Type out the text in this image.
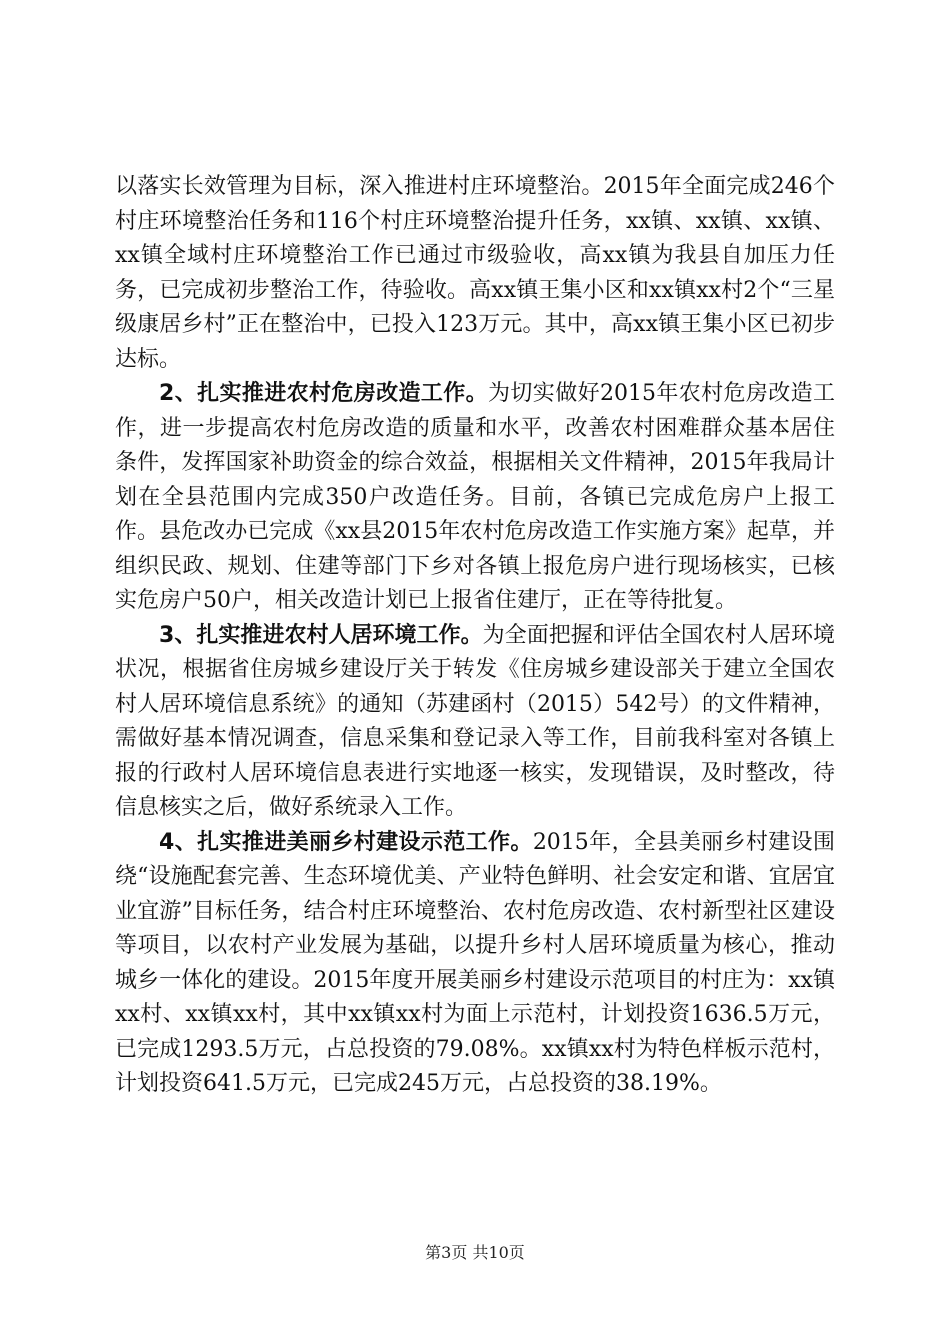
以落实长效管理为目标，深入推进村庄环境整治。2015年全面完成246个村庄环境整治任务和116个村庄环境整治提升任务，xx镇、xx镇、xx镇、xx镇全域村庄环境整治工作已通过市级验收，高xx镇为我县自加压力任务，已完成初步整治工作，待验收。高xx镇王集小区和xx镇xx村2个“三星级康居乡村”正在整治中，已投入123万元。其中，高xx镇王集小区已初步达标。

2、扎实推进农村危房改造工作。为切实做好2015年农村危房改造工作，进一步提高农村危房改造的质量和水平，改善农村困难群众基本居住条件，发挥国家补助资金的综合效益，根据相关文件精神，2015年我局计划在全县范围内完成350户改造任务。目前，各镇已完成危房户上报工作。县危改办已完成《xx县2015年农村危房改造工作实施方案》起草，并组织民政、规划、住建等部门下乡对各镇上报危房户进行现场核实，已核实危房户50户，相关改造计划已上报省住建厅，正在等待批复。

3、扎实推进农村人居环境工作。为全面把握和评估全国农村人居环境状况，根据省住房城乡建设厅关于转发《住房城乡建设部关于建立全国农村人居环境信息系统》的通知（苏建函村（2015）542号）的文件精神，需做好基本情况调查，信息采集和登记录入等工作，目前我科室对各镇上报的行政村人居环境信息表进行实地逐一核实，发现错误，及时整改，待信息核实之后，做好系统录入工作。

4、扎实推进美丽乡村建设示范工作。2015年，全县美丽乡村建设围绕“设施配套完善、生态环境优美、产业特色鲜明、社会安定和谐、宜居宜业宜游”目标任务，结合村庄环境整治、农村危房改造、农村新型社区建设等项目，以农村产业发展为基础，以提升乡村人居环境质量为核心，推动城乡一体化的建设。2015年度开展美丽乡村建设示范项目的村庄为：xx镇xx村、xx镇xx村，其中xx镇xx村为面上示范村，计划投资1636.5万元，已完成1293.5万元，占总投资的79.08%。xx镇xx村为特色样板示范村，计划投资641.5万元，已完成245万元，占总投资的38.19%。

第3页 共10页
